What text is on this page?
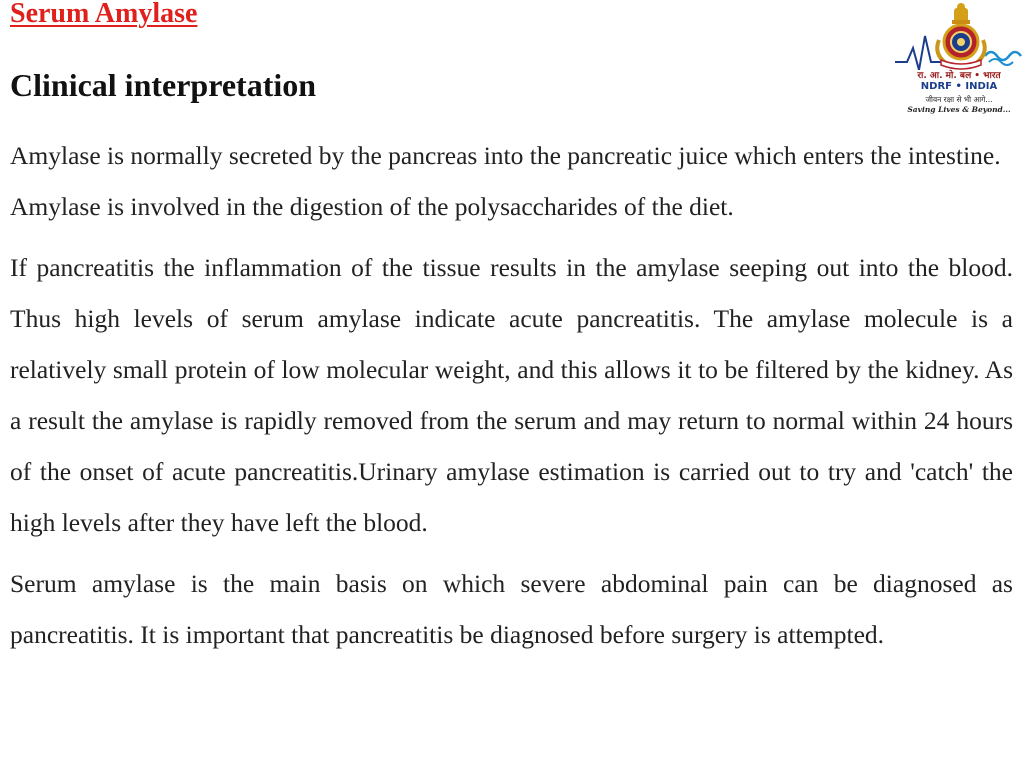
Serum Amylase
Clinical interpretation

Amylase is normally secreted by the pancreas into the pancreatic juice which enters the intestine. Amylase is involved in the digestion of the polysaccharides of the diet.

If pancreatitis the inflammation of the tissue results in the amylase seeping out into the blood. Thus high levels of serum amylase indicate acute pancreatitis. The amylase molecule is a relatively small protein of low molecular weight, and this allows it to be filtered by the kidney. As a result the amylase is rapidly removed from the serum and may return to normal within 24 hours of the onset of acute pancreatitis.Urinary amylase estimation is carried out to try and 'catch' the high levels after they have left the blood.

Serum amylase is the main basis on which severe abdominal pain can be diagnosed as pancreatitis. It is important that pancreatitis be diagnosed before surgery is attempted.

रा. आ. मो. बल • भारत
NDRF • INDIA
जीवन रक्षा से भी आगे...
Saving Lives & Beyond...
